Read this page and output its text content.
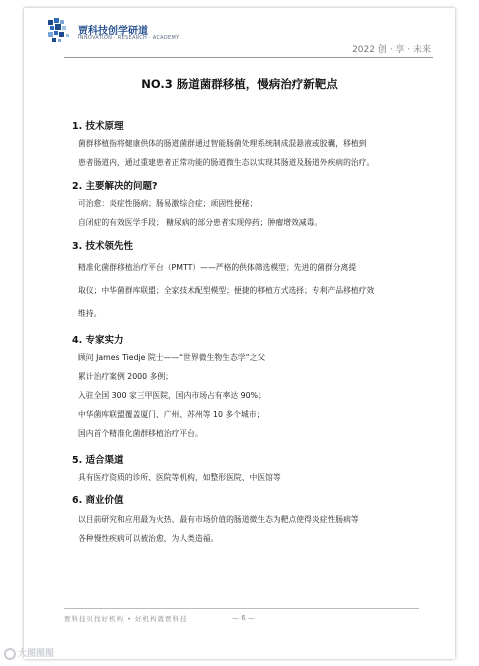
贾科技创学研道
INNOVATION · RESEARCH · ACADEMY
2022 创 · 享 · 未来
NO.3 肠道菌群移植，慢病治疗新靶点
1. 技术原理
菌群移植指将健康供体的肠道菌群通过智能肠菌处理系统制成混悬液或胶囊，移植到
患者肠道内，通过重建患者正常功能的肠道微生态以实现其肠道及肠道外疾病的治疗。
2. 主要解决的问题?
可治愈：炎症性肠病；肠易激综合症；顽固性便秘；
自闭症的有效医学手段； 糖尿病的部分患者实现停药；肿瘤增效减毒。
3. 技术领先性
精准化菌群移植治疗平台（PMTT）——严格的供体筛选模型；先进的菌群分离提
取仪；中华菌群库联盟；全家技术配型模型；便捷的移植方式选择；专利产品移植疗效
维持。
4. 专家实力
顾问 James Tiedje 院士——“世界微生物生态学”之父
累计治疗案例 2000 多例；
入驻全国 300 家三甲医院，国内市场占有率达 90%；
中华菌库联盟覆盖厦门、广州、苏州等 10 多个城市；
国内首个精准化菌群移植治疗平台。
5. 适合渠道
具有医疗资质的诊所、医院等机构，如整形医院、中医馆等
6. 商业价值
以目前研究和应用最为火热、最有市场价值的肠道微生态为靶点使得炎症性肠病等
各种慢性疾病可以被治愈，为人类造福。
贾科技贝找好机构 • 好机构就贾科技	— 6 —
大图图图
